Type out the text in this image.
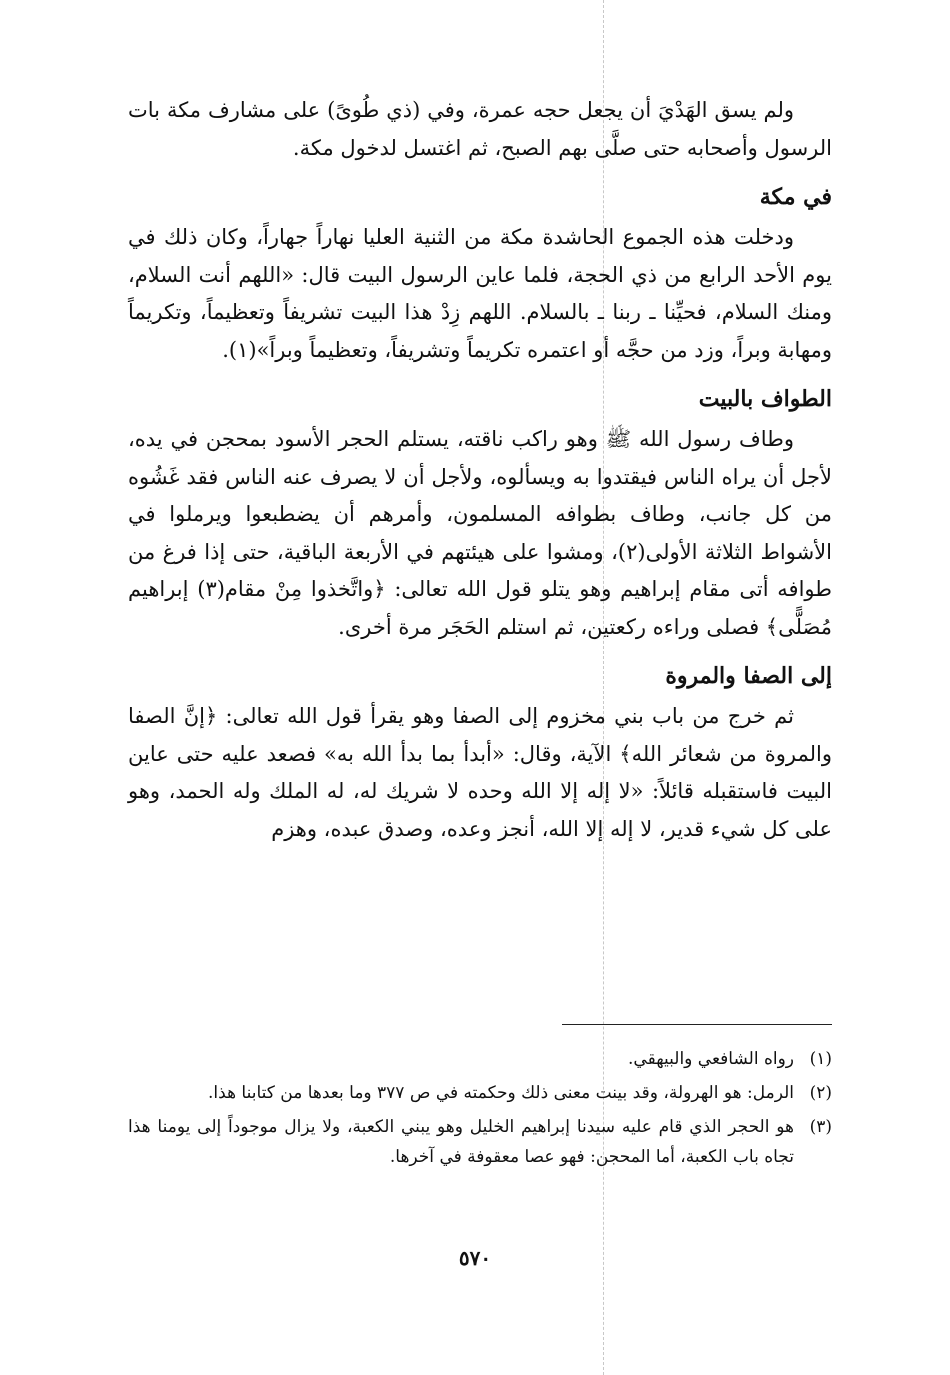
ولم يسق الهَدْيَ أن يجعل حجه عمرة، وفي (ذي طُوىً) على مشارف مكة بات الرسول وأصحابه حتى صلَّى بهم الصبح، ثم اغتسل لدخول مكة.

في مكة

ودخلت هذه الجموع الحاشدة مكة من الثنية العليا نهاراً جهاراً، وكان ذلك في يوم الأحد الرابع من ذي الحجة، فلما عاين الرسول البيت قال: «اللهم أنت السلام، ومنك السلام، فحيِّنا ـ ربنا ـ بالسلام. اللهم زِدْ هذا البيت تشريفاً وتعظيماً، وتكريماً ومهابة وبراً، وزد من حجَّه أو اعتمره تكريماً وتشريفاً، وتعظيماً وبراً»(١).

الطواف بالبيت

وطاف رسول الله ﷺ وهو راكب ناقته، يستلم الحجر الأسود بمحجن في يده، لأجل أن يراه الناس فيقتدوا به ويسألوه، ولأجل أن لا يصرف عنه الناس فقد غَشُوه من كل جانب، وطاف بطوافه المسلمون، وأمرهم أن يضطبعوا ويرملوا في الأشواط الثلاثة الأولى(٢)، ومشوا على هيئتهم في الأربعة الباقية، حتى إذا فرغ من طوافه أتى مقام إبراهيم وهو يتلو قول الله تعالى: ﴿واتَّخذوا مِنْ مقام(٣) إبراهيم مُصَلًّى﴾ فصلى وراءه ركعتين، ثم استلم الحَجَر مرة أخرى.

إلى الصفا والمروة

ثم خرج من باب بني مخزوم إلى الصفا وهو يقرأ قول الله تعالى: ﴿إنَّ الصفا والمروة من شعائر الله﴾ الآية، وقال: «أبدأ بما بدأ الله به» فصعد عليه حتى عاين البيت فاستقبله قائلاً: «لا إله إلا الله وحده لا شريك له، له الملك وله الحمد، وهو على كل شيء قدير، لا إله إلا الله، أنجز وعده، وصدق عبده، وهزم

(١)
رواه الشافعي والبيهقي.
(٢)
الرمل: هو الهرولة، وقد بينت معنى ذلك وحكمته في ص ٣٧٧ وما بعدها من كتابنا هذا.
(٣)
هو الحجر الذي قام عليه سيدنا إبراهيم الخليل وهو يبني الكعبة، ولا يزال موجوداً إلى يومنا هذا تجاه باب الكعبة، أما المحجن: فهو عصا معقوفة في آخرها.
٥٧٠
